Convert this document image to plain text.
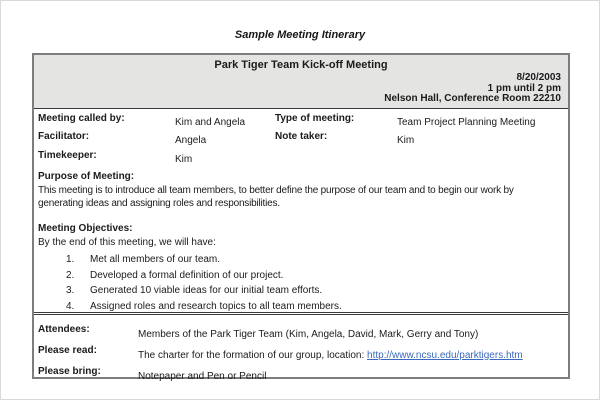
Sample Meeting Itinerary
Park Tiger Team Kick-off Meeting
8/20/2003
1 pm until 2 pm
Nelson Hall, Conference Room 22210
Meeting called by:	Kim and Angela	Type of meeting:	Team Project Planning Meeting
Facilitator:	Angela	Note taker:	Kim
Timekeeper:	Kim
Purpose of Meeting:
This meeting is to introduce all team members, to better define the purpose of our team and to begin our work by generating ideas and assigning roles and responsibilities.
Meeting Objectives:
By the end of this meeting, we will have:
1.	Met all members of our team.
2.	Developed a formal definition of our project.
3.	Generated 10 viable ideas for our initial team efforts.
4.	Assigned roles and research topics to all team members.
Attendees:	Members of the Park Tiger Team (Kim, Angela, David, Mark, Gerry and Tony)
Please read:	The charter for the formation of our group, location: http://www.ncsu.edu/parktigers.htm
Please bring:	Notepaper and Pen or Pencil
